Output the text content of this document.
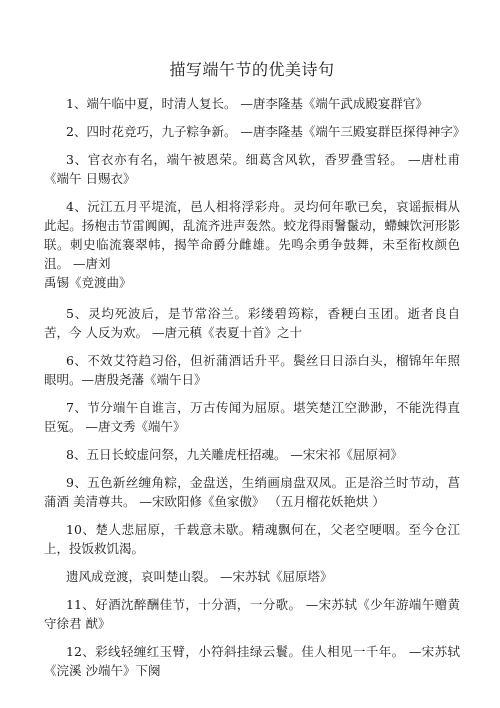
描写端午节的优美诗句

1、端午临中夏，时清人复长。 —唐李隆基《端午武成殿宴群官》

2、四时花竞巧，九子粽争新。 —唐李隆基《端午三殿宴群臣探得神字》

3、官衣亦有名，端午被恩荣。细葛含风软，香罗叠雪轻。 —唐杜甫《端午 日赐衣》

4、沅江五月平堤流，邑人相将浮彩舟。灵均何年歌已矣，哀谣振楫从此起。扬枹击节雷阗阗，乱流齐进声轰然。蛟龙得雨鬐鬣动，螮蝀饮河形影联。刺史临流褰翠帏，揭竿命爵分雌雄。先鸣余勇争鼓舞，未至衔枚颜色沮。 —唐刘

禹锡《竞渡曲》

5、灵均死波后，是节常浴兰。彩缕碧筠粽，香粳白玉团。逝者良自苦，今 人反为欢。 —唐元稹《表夏十首》之十

6、不效艾符趋习俗，但祈蒲酒话升平。鬓丝日日添白头，榴锦年年照眼明。—唐殷尧藩《端午日》

7、节分端午自谁言，万古传闻为屈原。堪笑楚江空渺渺，不能洗得直臣冤。 —唐文秀《端午》

8、五日长蛟虚问祭，九关雕虎枉招魂。 —宋宋祁《屈原祠》

9、五色新丝缠角粽，金盘送，生绡画扇盘双凤。正是浴兰时节动，菖蒲酒 美清尊共。 —宋欧阳修《鱼家傲》 （五月榴花妖艳烘 ）

10、楚人悲屈原，千载意未歇。精魂飘何在，父老空哽咽。至今仓江上，投饭救饥渴。

遗风成竞渡，哀叫楚山裂。 —宋苏轼《屈原塔》

11、好酒沈醉酬佳节，十分酒，一分歌。 —宋苏轼《少年游端午赠黄守徐君 猷》

12、彩线轻缠红玉臂，小符斜挂绿云鬟。佳人相见一千年。 —宋苏轼《浣溪 沙端午》下阕
